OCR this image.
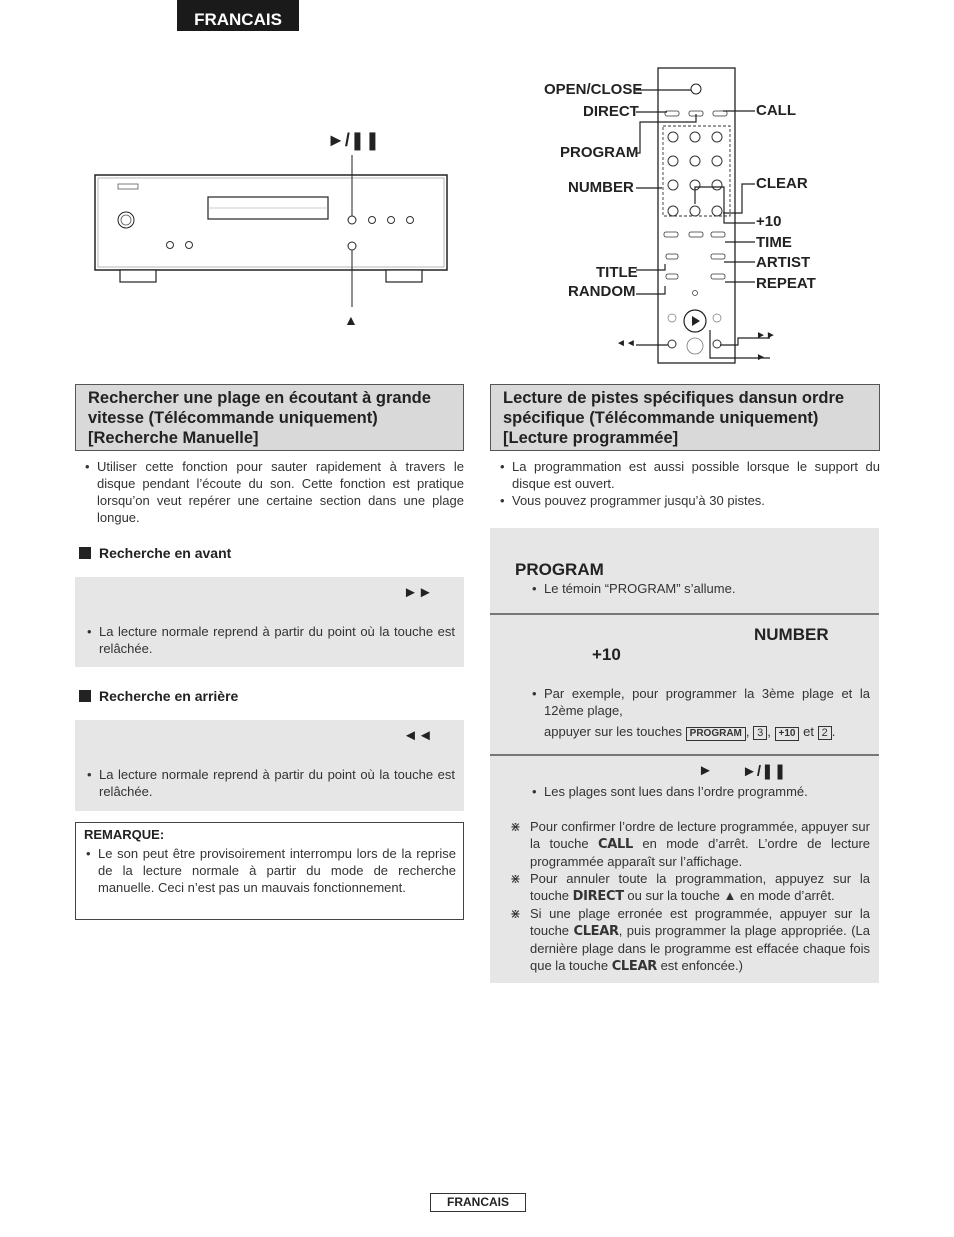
FRANCAIS
►/❚❚
▲
OPEN/CLOSE
DIRECT
PROGRAM
NUMBER
TITLE
RANDOM
CALL
CLEAR
+10
TIME
ARTIST
REPEAT
◄◄
►►
►
Rechercher une plage en écoutant à grande vitesse (Télécommande uniquement) [Recherche Manuelle]
• Utiliser cette fonction pour sauter rapidement à travers le disque pendant l’écoute du son. Cette fonction est pratique lorsqu’on veut repérer une certaine section dans une plage longue.
Recherche en avant
►►
• La lecture normale reprend à partir du point où la touche est relâchée.
Recherche en arrière
◄◄
• La lecture normale reprend à partir du point où la touche est relâchée.
REMARQUE:
• Le son peut être provisoirement interrompu lors de la reprise de la lecture normale à partir du mode de recherche manuelle. Ceci n’est pas un mauvais fonctionnement.
Lecture de pistes spécifiques dansun ordre spécifique (Télécommande uniquement) [Lecture programmée]
• La programmation est aussi possible lorsque le support du disque est ouvert.
• Vous pouvez programmer jusqu’à 30 pistes.
PROGRAM
• Le témoin “PROGRAM” s’allume.
NUMBER
+10
• Par exemple, pour programmer la 3ème plage et la 12ème plage,
appuyer sur les touches PROGRAM , 3 , +10 et 2 .
► ►/❚❚
• Les plages sont lues dans l’ordre programmé.
⋇ Pour confirmer l’ordre de lecture programmée, appuyer sur la touche CALL en mode d’arrêt. L’ordre de lecture programmée apparaît sur l’affichage.
⋇ Pour annuler toute la programmation, appuyez sur la touche DIRECT ou sur la touche ▲ en mode d’arrêt.
⋇ Si une plage erronée est programmée, appuyer sur la touche CLEAR, puis programmer la plage appropriée. (La dernière plage dans le programme est effacée chaque fois que la touche CLEAR est enfoncée.)
FRANCAIS
